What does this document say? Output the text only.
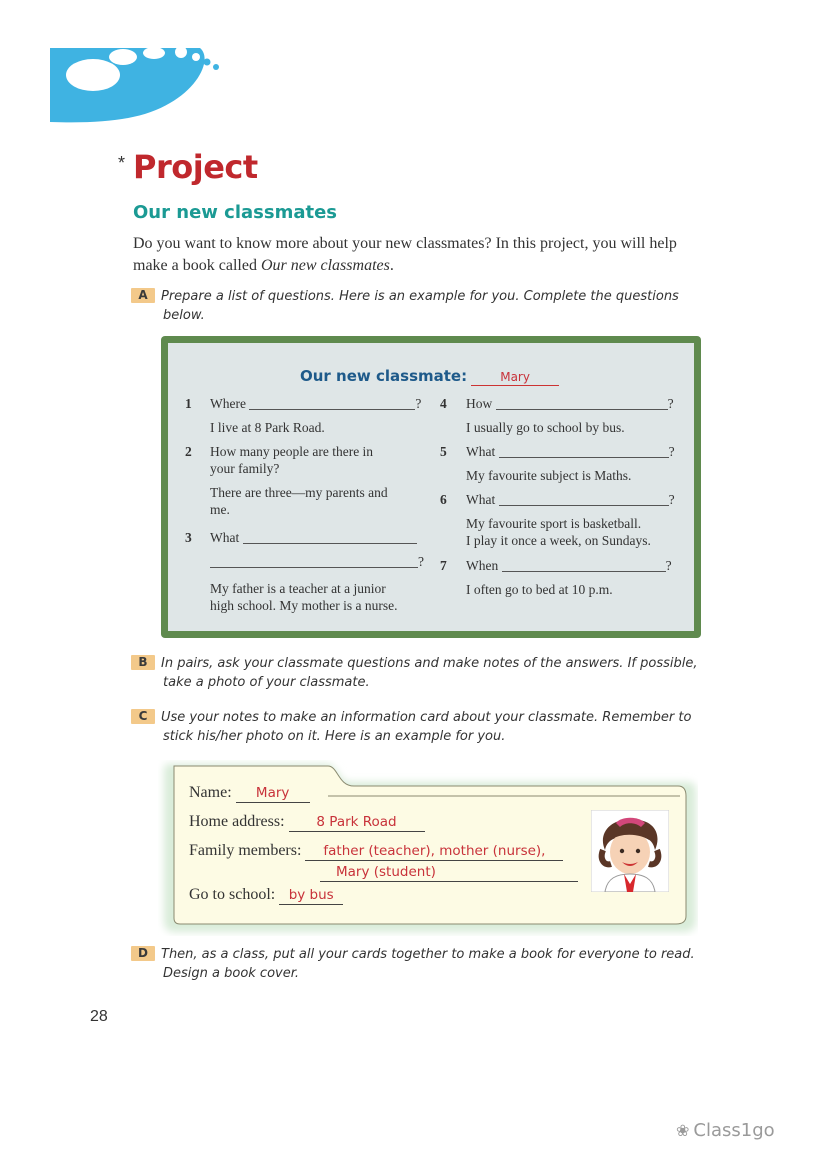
* Project
Our new classmates
Do you want to know more about your new classmates? In this project, you will help make a book called Our new classmates.
A Prepare a list of questions. Here is an example for you. Complete the questions
below.
Our new classmate:	Mary
1 Where	?
I live at 8 Park Road.
2 How many people are there in
your family?
There are three—my parents and
me.
3 What
?
My father is a teacher at a junior
high school. My mother is a nurse.
4 How	?
I usually go to school by bus.
5 What	?
My favourite subject is Maths.
6 What	?
My favourite sport is basketball.
I play it once a week, on Sundays.
7 When	?
I often go to bed at 10 p.m.
B In pairs, ask your classmate questions and make notes of the answers. If possible,
take a photo of your classmate.
C Use your notes to make an information card about your classmate. Remember to
stick his/her photo on it. Here is an example for you.
Name: Mary
Home address: 8 Park Road
Family members: father (teacher), mother (nurse),
Mary (student)
Go to school: by bus
D Then, as a class, put all your cards together to make a book for everyone to read.
Design a book cover.
28
❀ Class1go
